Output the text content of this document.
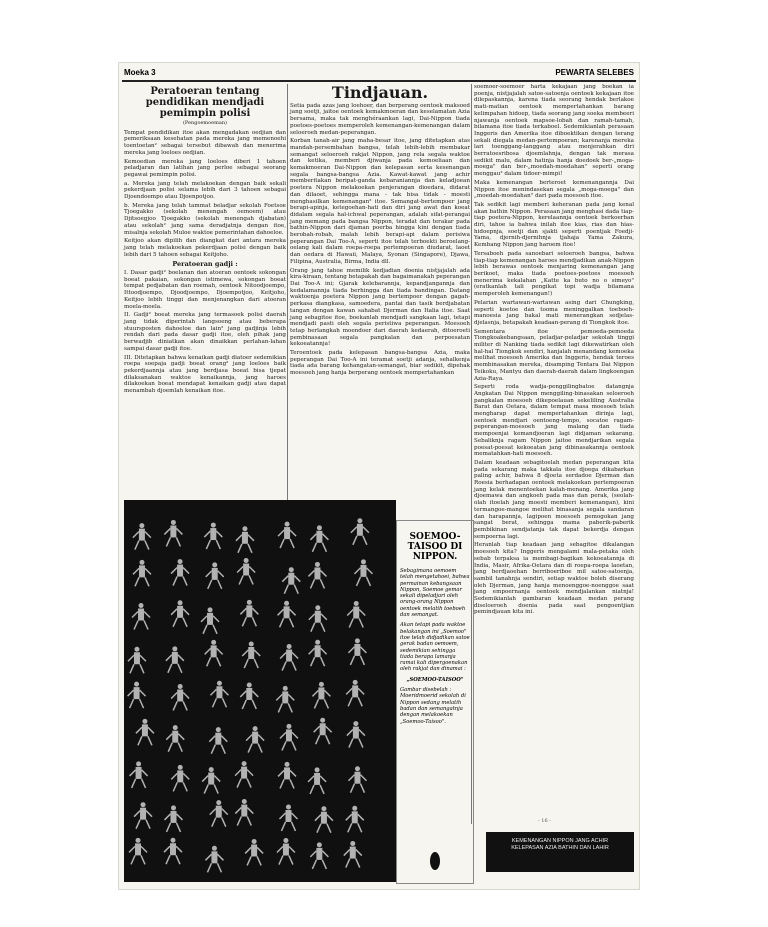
Moeka 3	PEWARTA SELEBES
Peratoeran tentang pendidikan mendjadi pemimpin polisi
(Pengoemoeman)

Tempat pendidikan itoe akan mengadakan oedjian dan pemeriksaan kesehatan pada mereka jang memenoehi toentoetan² sebagai tersebut dibawah dan menerima mereka jang loeloes oedjian.

Kemoedian mereka jang loeloes diberi 1 tahoen peladjaran dan latihan jang perloe sebagai seorang pegawai pemimpin polisi.

a. Mereka jang telah melakoekan dengan baik sekali pekerdjaan polisi selama lebih dari 3 tahoen sebagai Djoendoempo atau Djoenpotjoo.

b. Mereka jang telah tammat beladjar sekolah Foetsoe Tjoegakko (sekolah menengah oemoem) atau Djitsoegjoo Tjoegakko (sekolah menengah djabatan) atau sekolah² jang sama deradjatnja dengan itoe, misalnja sekolah Muloe waktoe pemerintahan dahoeloe.

Keitjoo akan dipilih dan diangkat dari antara mereka jang telah melakoekan pekerdjaan polisi dengan baik lebih dari 5 tahoen sebagai Keitjoho.

Peratoeran gadji :

I. Dasar gadji² boelanan dan atoeran oentoek sokongan boeat pakaian, sokongan istimewa, sokongan boeat tempat pedjabatan dan roemah, oentoek Nitoodjoempo, Ittoodjoempo, Djoodjoempo, Djoempotjoo, Keitjoho, Keitjoo lebih tinggi dan menjenangkan dari atoeran moela-moela.

II. Gadji² boeat mereka jang termasoek polisi daerah jang tidak diperintah langsoeng atau beberapa stuursposten dahoeloe dan lain² jang gadjinja lebih rendah dari pada dasar gadji itoe, oleh pihak jang berwadjib diniatkan akan dinaikkan perlahan-lahan sampai dasar gadji itoe.

III. Ditetapkan bahwa kenaikan gadji diatoer sedemikian roepa soepaja gadji boeat orang² jang loeloes baik pekerdjaannja atau jang berdjasa boeat bisa tjepat dilaksanakan waktoe kenaikannja, jang haroes dilakoekan boeat mendapat kenaikan gadji atau dapat menambah djoemlah kenaikan itoe.

Tindjauan.

Setia pada azas jang loehoer, dan berperang oentoek maksoed jang soetji, jaitoe oentoek kemakmoeran dan keselamatan Azia bersama, maka tak menghéraankan lagi, Dai-Nippon tiada poetoes-poetoes memperoleh kemenangan-kemenangan dalam seloeroeh medan-peperangan.

Korban tanah-air jang maha-besar itoe, jang ditetapkan atas mandah-persembahan bangsa, telah lebih-lebih membakar semangat seloeroeh rakjat Nippon, jang rela segala waktoe dan ketika, memberi djiwanja pada kemoeliaan dan kemakmoeran Dai-Nippon dan kelepasan serta kesenangan segala bangsa-bangsa Azia. Kawat-kawat jang achir memberitakan beripat-ganda kebaraniannja dan keladjoean poetera Nippon melakoekan penjerangan dioedara, didarat dan dilaoet, sehingga mana - tak bisa tidak - moesti menghasilkan kemenangan² itoe. Semangat-bertempoer jang berapi-apinja, ketegoehan-hati dan diri jang awat dan koeat didalam segala hal-ichwal peperangan, adalah sifat-perangai jang memang pada bangsa Nippon, teradat dan terakar pada bathin-Nippon dari djaman poerba hingga kini dengan tiada berobah-robah, malah lebih berapi-api dalam perisiwa peperangan Dai Too-A, seperti itoe telah terboekti beroelang-oelang kali dalam roepa-roepa pertempoeran diudarat, laoet dan oedara di Hawaii, Malaya, Syonan (Singapore), Djawa, Filipina, Australia, Birma, India dll.

Orang jang tahoe memilik kedjadian doenia nistjajalah ada kira-kiraan, tentang betapakah dan bagaimanakah peperangan Dai Too-A ini; Gjarak kelebarannja, kepandjangannja dan kedalamannja tiada berhingga dan tiada bandingan. Datang waktoenja poetera Nippon jang bertempoer dengan gagah-perkasa diangkasa, samoedera, pantai dan tasik berdjabatan tangan dengan kawan sahabat Djerman dan Italia itoe. Saat jang sebagitoe itoe, boekanlah mendjadi sangkaan lagi, tetapi mendjadi pasti oleh segala peristiwa peperangan. Moesoeh tetap berlangkah moendoer dari daerah kedaerah, ditoeroeti pembinasaan segala pangkalan dan perpoesatan kekoeatannja!

Teroentoek pada kelepasan bangsa-bangsa Azia, maka peperangan Dai Too-A ini teramat soetji adanja, sehalkenja tiada ada barang kehangatan-semangat, biar sedikit, dipehak moesoeh jang hanja berperang oentoek mempertahankan

soemoer-soemoer harta kekajaan jang boekan ia poenja, nistjajalah satoe-satoenja oentoek kekajaan itoe dilepaskannja, karena tiada seorang hendak berlakoe mati-matian oentoek mempertahankan barang kelimpahan hidoep, tiada seorang jang soeka membeeri njawanja oentoek mapsoe-lobah dan ramah-tamah, bilamana itoe tiada terkaboel. Sedemikianlah perasaan Inggeris dan Amerika itoe diboektikan dengan terang sekali diegala medan-pertempoeran; karenanja mereka lari toenggang-langgang atau menjerahkan diri berratoesribosa djoemlahnja, dengan tak merasa sedikit malu, dalam hatinja hanja doedoek ber-„moga-moega" dan ber-„moedah-moedahan" seperti orang menggau² dalam tidoer-mimpi!

Maka kemenangan berteroet kemenangannja Dai Nippon itoe menindasekan segala „moga-moega" dan „moedah-moedahan" dari pada moesoeh itoe.

Tak sedikit lagi memberi keheranan pada jang kenal akan bathin Nippon. Perasaan jang menghasi dada tiap-tiap poetera-Nippon, kerelaannja oentoek berkoerban diri, tahoe ia bahwa inilah itoe kias, rias dan hias-hidoepnja, soetji dan sjakti seperti poentjak Foedji-Yama, djernih-djernihnja tjahaja Yama Zakura, Kembang Nippon jang haroem itoe!

Tersaboeh pada sanoebari seloeroeh bangsa, bahwa tiap-tiap kemenangan haroes mendjadikan anak-Nippon lebih berawas oentoek menjaring kemenangan jang berikoet, maka tiada poetoes-poetoes moesoeh menerima kekalahan „Katte ka buto no o simeyo" (eratkanlah tali pengikat topi wadja bilamana memperoleh kemenangan!)

Pelarian wartawan-wartawan asing dari Chungking, seperti koetoe dan tooma meninggalkan toeboeh-manoesia jang bakal mati menerangkan sedjelas-djelasnja, betapakah keadaan-perang di Tiongkok itoe.

Sementara itoe pemoeda-pemoeda Tiongkoakebangsaan, peladjar-peladjar sekolah tinggi militer di Nanking tiada sedikit lagi dikewatirkan oleh hal-hal Tiongkok sendiri, hanjalah menandang kemoeka melihat moesoeh Amerika dan Inggeris, hendak teroes membinasakan mereka, disamping Tentara Dai Nippon Teikoku, Mantyu dan daerah-daerah dalam lingkoengan Azia-Raya.

Seperti roda wadja-penggilingbatoe datangnja Angkatan Dai Nippon menggiling-binasakan seloeroeh pangkalan moesoeh dikepoelauan sekeliling Australia Barat dan Oetara, dalam tempat masa moesoeh telah mengharap dapat mempertahankan dirinja lagi, oentoek mendjari oentoeng-tempo, socatoe ragam-peperangan-moesoeh jang malang dan tiada mempoenjai kemandjoeran lagi didjaman sekarang. Sebaliknja ragam Nippon jaitoe mendjarikan segala poesat-poesat kekoeatan jang dibinasakannja oentoek mematahkan-hati moesoeh.

Dalam keadaan sebagitoelah medan peperangan kita pada sekarang maka takkala itoe djoega dikabarkan paling achir, bahwa 8 djoeta serdadoe Djerman dan Roesia berhadapan oentoek melakoekan pertempoeran jang kelak menentoekan kalah-menang. Amerika jang djoemawa dan angkoeh pada mas dan perak, (seolah-olah itoelah jang moesti memberi kemenangan), kini termangoe-mangoe melihat binasanja segala sandaran dan harapannja, lagipoen moesoeh pemogokan jang sangat berat, sehingga mama paberik-paberik pembikinan sendjatanja tak dapat bekerdja dengan sempoerna lagi.

Heranlah tiap keadaan jang sebagitoe dikalangan moesoeh kita? Inggeris mengalami mala-petaka oleh sebab terpaksa ia membagi-bagikan kekoeatannja di India, Masir, Afrika-Oetara dan di roepa-roepa laoetan, jang berdjaoehan berriboeriboe mil satoe-satoenja, sambil tanahnja sendiri, setiap waktoe boleh diserang oleh Djerman, jang hanja menoenggoe-noenggoe saat jang empoernanja oentoek mendjalankan niatnja! Sedemikianlah gambaran keadaan medan perang diseloeroeh doenia pada saat pengoentjian pemindjauan kita ini.

SOEMOO-TAISOO DI NIPPON.

Sebagimana oemoem telah mengetahoei, bahwa permainan kebangsaan Nippon, Soemoe gemar sekali dipeladjari oleh orang-orang Nippon oentoek melatih toeboeh dan semangat.

Akan tetapi pada waktoe belakangan ini „Soemoo" itoe telah didjadikan satoe gerak badan oemoem, sedemikian sehingga tiada berapa lamanja ramai kali dipergoenakan oleh rakjat dan dinamai :

„SOEMOO-TAISOO"

Gambar disebelah : Moeridmoerid sekolah di Nippon sedang melatih badan dan semangatnja dengan melakoekan „Soemoo-Taisoo".

- 16 -
KEMENANGAN NIPPON JANG ACHIR
KELEPASAN AZIA BATHIN DAN LAHIR
